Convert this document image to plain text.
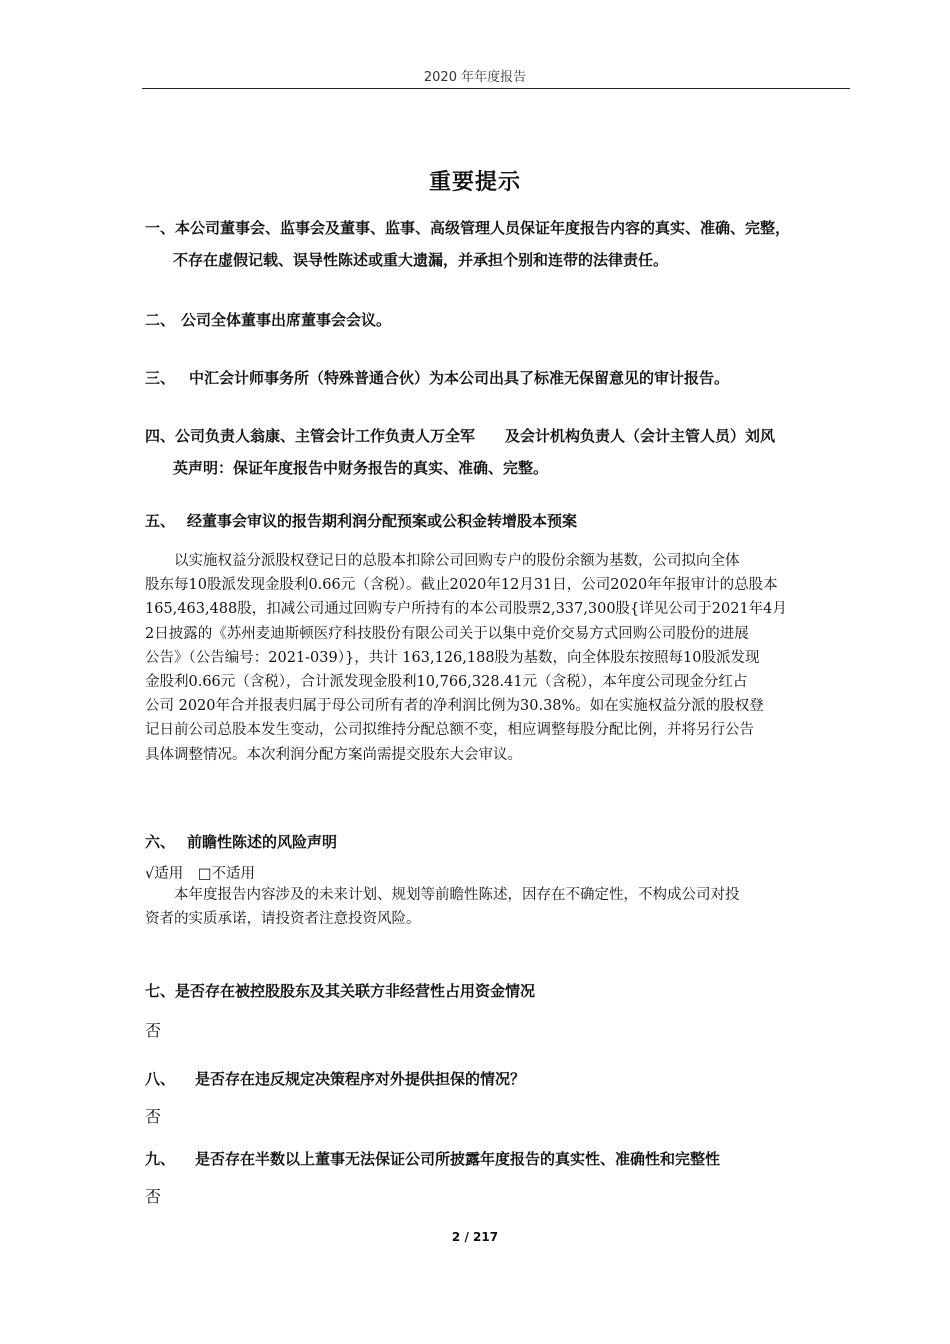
2020 年年度报告
重要提示
一、本公司董事会、监事会及董事、监事、高级管理人员保证年度报告内容的真实、准确、完整，
不存在虚假记载、误导性陈述或重大遗漏，并承担个别和连带的法律责任。
二、 公司全体董事出席董事会会议。
三、 中汇会计师事务所（特殊普通合伙）为本公司出具了标准无保留意见的审计报告。
四、公司负责人翁康、主管会计工作负责人万全军　　及会计机构负责人（会计主管人员）刘风
英声明：保证年度报告中财务报告的真实、准确、完整。
五、 经董事会审议的报告期利润分配预案或公积金转增股本预案
　　以实施权益分派股权登记日的总股本扣除公司回购专户的股份余额为基数，公司拟向全体
股东每10股派发现金股利0.66元（含税）。截止2020年12月31日，公司2020年年报审计的总股本
165,463,488股，扣减公司通过回购专户所持有的本公司股票2,337,300股{详见公司于2021年4月
2日披露的《苏州麦迪斯顿医疗科技股份有限公司关于以集中竞价交易方式回购公司股份的进展
公告》（公告编号：2021-039）}，共计 163,126,188股为基数，向全体股东按照每10股派发现
金股利0.66元（含税），合计派发现金股利10,766,328.41元（含税），本年度公司现金分红占
公司 2020年合并报表归属于母公司所有者的净利润比例为30.38%。如在实施权益分派的股权登
记日前公司总股本发生变动，公司拟维持分配总额不变，相应调整每股分配比例，并将另行公告
具体调整情况。本次利润分配方案尚需提交股东大会审议。
六、 前瞻性陈述的风险声明
√适用 □不适用
　　本年度报告内容涉及的未来计划、规划等前瞻性陈述，因存在不确定性，不构成公司对投
资者的实质承诺，请投资者注意投资风险。
七、是否存在被控股股东及其关联方非经营性占用资金情况
否
八、 是否存在违反规定决策程序对外提供担保的情况？
否
九、 是否存在半数以上董事无法保证公司所披露年度报告的真实性、准确性和完整性
否
2 / 217
